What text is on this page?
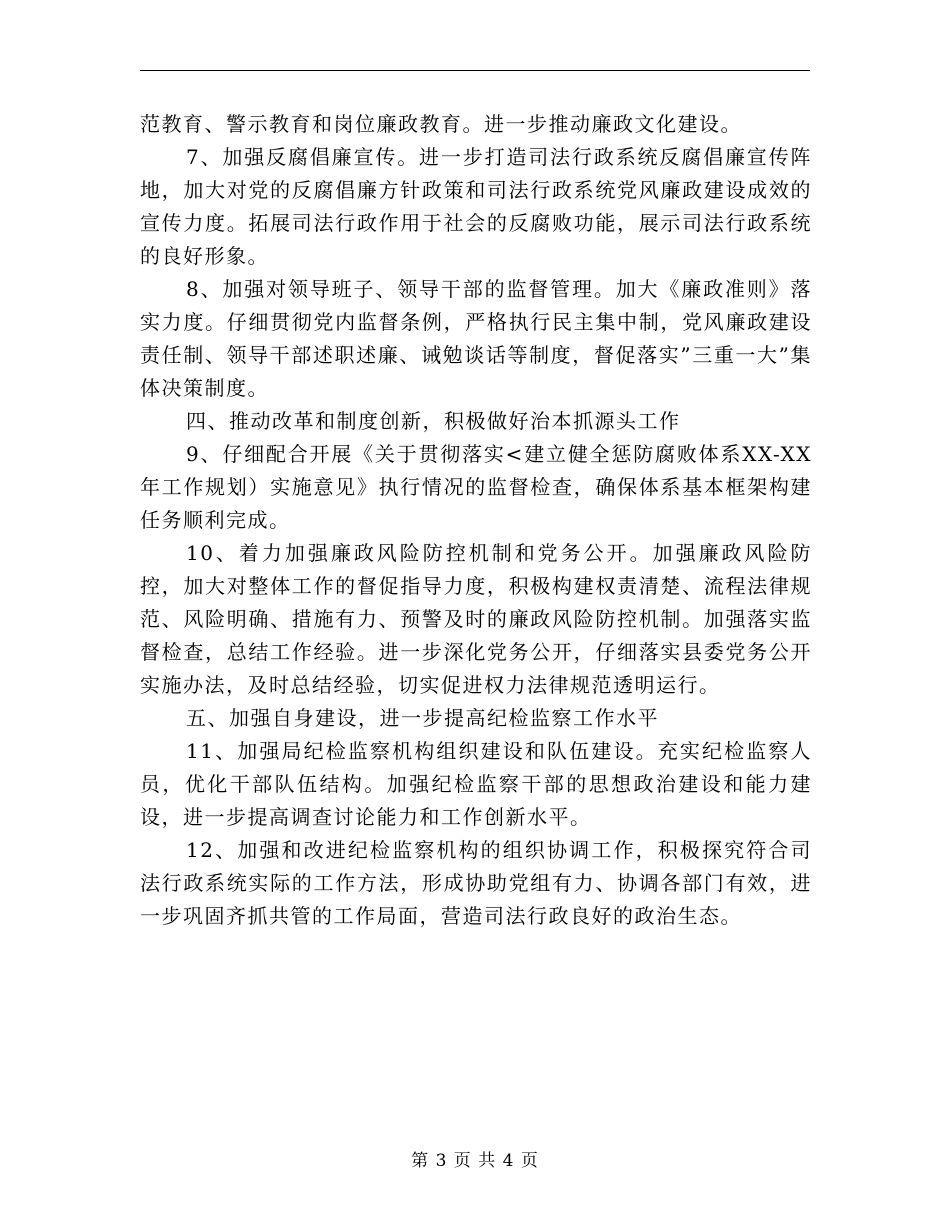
范教育、警示教育和岗位廉政教育。进一步推动廉政文化建设。

7、加强反腐倡廉宣传。进一步打造司法行政系统反腐倡廉宣传阵地，加大对党的反腐倡廉方针政策和司法行政系统党风廉政建设成效的宣传力度。拓展司法行政作用于社会的反腐败功能，展示司法行政系统的良好形象。

8、加强对领导班子、领导干部的监督管理。加大《廉政准则》落实力度。仔细贯彻党内监督条例，严格执行民主集中制，党风廉政建设责任制、领导干部述职述廉、诫勉谈话等制度，督促落实”三重一大”集体决策制度。

四、推动改革和制度创新，积极做好治本抓源头工作

9、仔细配合开展《关于贯彻落实<建立健全惩防腐败体系XX-XX年工作规划）实施意见》执行情况的监督检查，确保体系基本框架构建任务顺利完成。

10、着力加强廉政风险防控机制和党务公开。加强廉政风险防控，加大对整体工作的督促指导力度，积极构建权责清楚、流程法律规范、风险明确、措施有力、预警及时的廉政风险防控机制。加强落实监督检查，总结工作经验。进一步深化党务公开，仔细落实县委党务公开实施办法，及时总结经验，切实促进权力法律规范透明运行。

五、加强自身建设，进一步提高纪检监察工作水平

11、加强局纪检监察机构组织建设和队伍建设。充实纪检监察人员，优化干部队伍结构。加强纪检监察干部的思想政治建设和能力建设，进一步提高调查讨论能力和工作创新水平。

12、加强和改进纪检监察机构的组织协调工作，积极探究符合司法行政系统实际的工作方法，形成协助党组有力、协调各部门有效，进一步巩固齐抓共管的工作局面，营造司法行政良好的政治生态。

第 3 页 共 4 页
